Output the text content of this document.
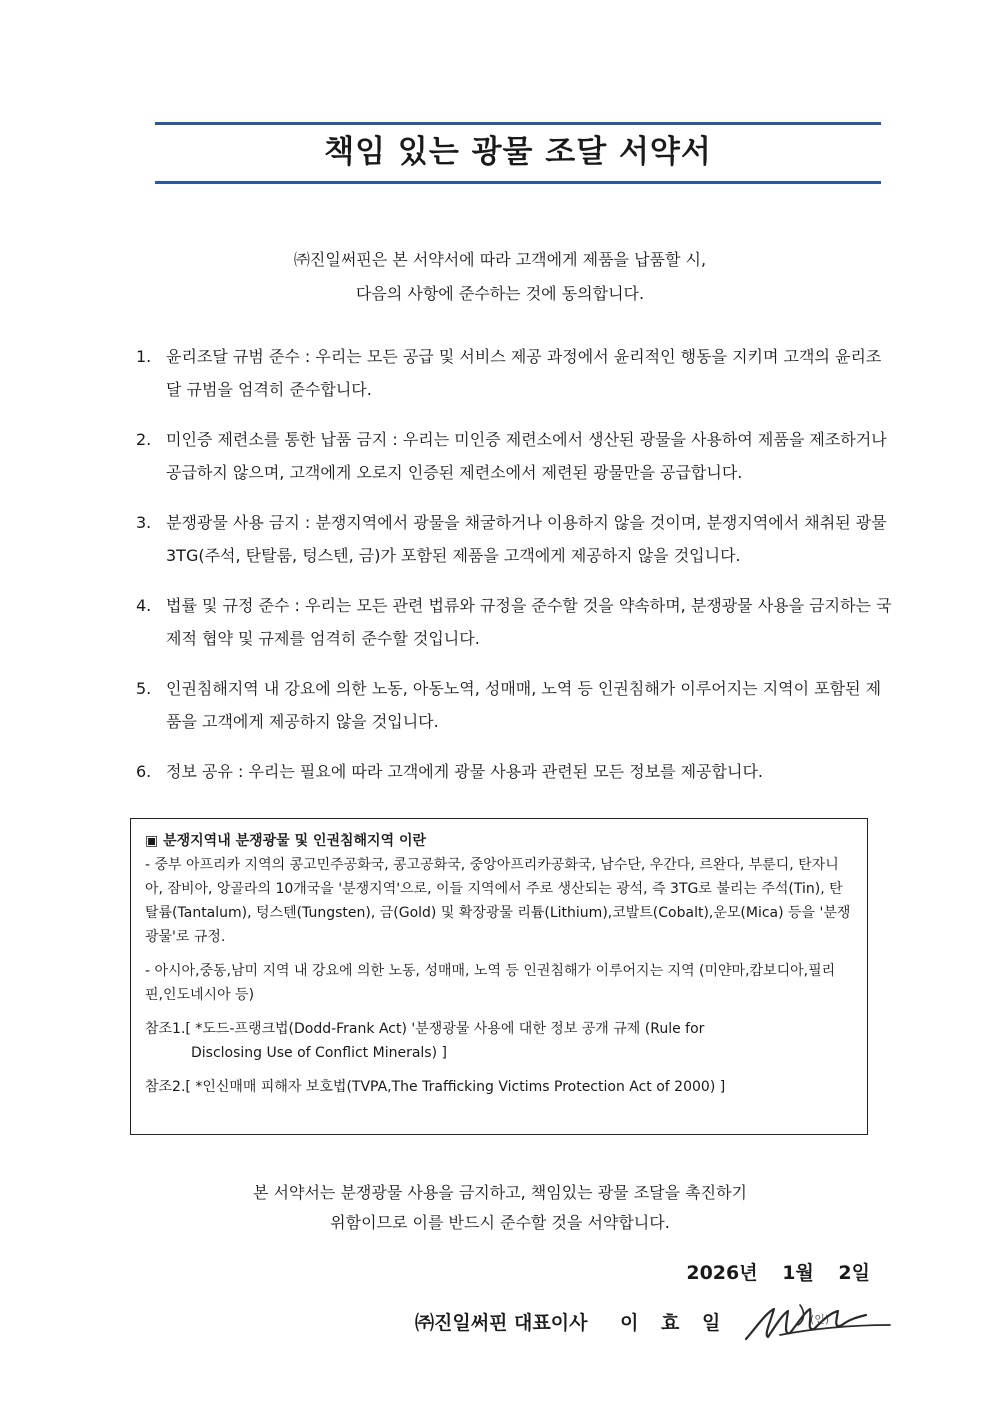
책임 있는 광물 조달 서약서
㈜진일써핀은 본 서약서에 따라 고객에게 제품을 납품할 시,
다음의 사항에 준수하는 것에 동의합니다.
1. 윤리조달 규범 준수 : 우리는 모든 공급 및 서비스 제공 과정에서 윤리적인 행동을 지키며 고객의 윤리조달 규범을 엄격히 준수합니다.
2. 미인증 제련소를 통한 납품 금지 : 우리는 미인증 제련소에서 생산된 광물을 사용하여 제품을 제조하거나 공급하지 않으며, 고객에게 오로지 인증된 제련소에서 제련된 광물만을 공급합니다.
3. 분쟁광물 사용 금지 : 분쟁지역에서 광물을 채굴하거나 이용하지 않을 것이며, 분쟁지역에서 채취된 광물 3TG(주석, 탄탈룸, 텅스텐, 금)가 포함된 제품을 고객에게 제공하지 않을 것입니다.
4. 법률 및 규정 준수 : 우리는 모든 관련 법류와 규정을 준수할 것을 약속하며, 분쟁광물 사용을 금지하는 국제적 협약 및 규제를 엄격히 준수할 것입니다.
5. 인권침해지역 내 강요에 의한 노동, 아동노역, 성매매, 노역 등 인권침해가 이루어지는 지역이 포함된 제품을 고객에게 제공하지 않을 것입니다.
6. 정보 공유 : 우리는 필요에 따라 고객에게 광물 사용과 관련된 모든 정보를 제공합니다.
▣ 분쟁지역내 분쟁광물 및 인권침해지역 이란

- 중부 아프리카 지역의 콩고민주공화국, 콩고공화국, 중앙아프리카공화국, 남수단, 우간다, 르완다, 부룬디, 탄자니아, 잠비아, 앙골라의 10개국을 '분쟁지역'으로, 이들 지역에서 주로 생산되는 광석, 즉 3TG로 불리는 주석(Tin), 탄탈륨(Tantalum), 텅스텐(Tungsten), 금(Gold) 및 확장광물 리튬(Lithium),코발트(Cobalt),운모(Mica) 등을 '분쟁광물'로 규정.

- 아시아,중동,남미 지역 내 강요에 의한 노동, 성매매, 노역 등 인권침해가 이루어지는 지역 (미얀마,캄보디아,필리핀,인도네시아 등)

참조1.[ *도드-프랭크법(Dodd-Frank Act) '분쟁광물 사용에 대한 정보 공개 규제 (Rule for
Disclosing Use of Conflict Minerals) ]
참조2.[ *인신매매 피해자 보호법(TVPA,The Trafficking Victims Protection Act of 2000) ]
본 서약서는 분쟁광물 사용을 금지하고, 책임있는 광물 조달을 촉진하기
위함이므로 이를 반드시 준수할 것을 서약합니다.
2026년 1월 2일
㈜진일써핀 대표이사 이 효 일	(인)
